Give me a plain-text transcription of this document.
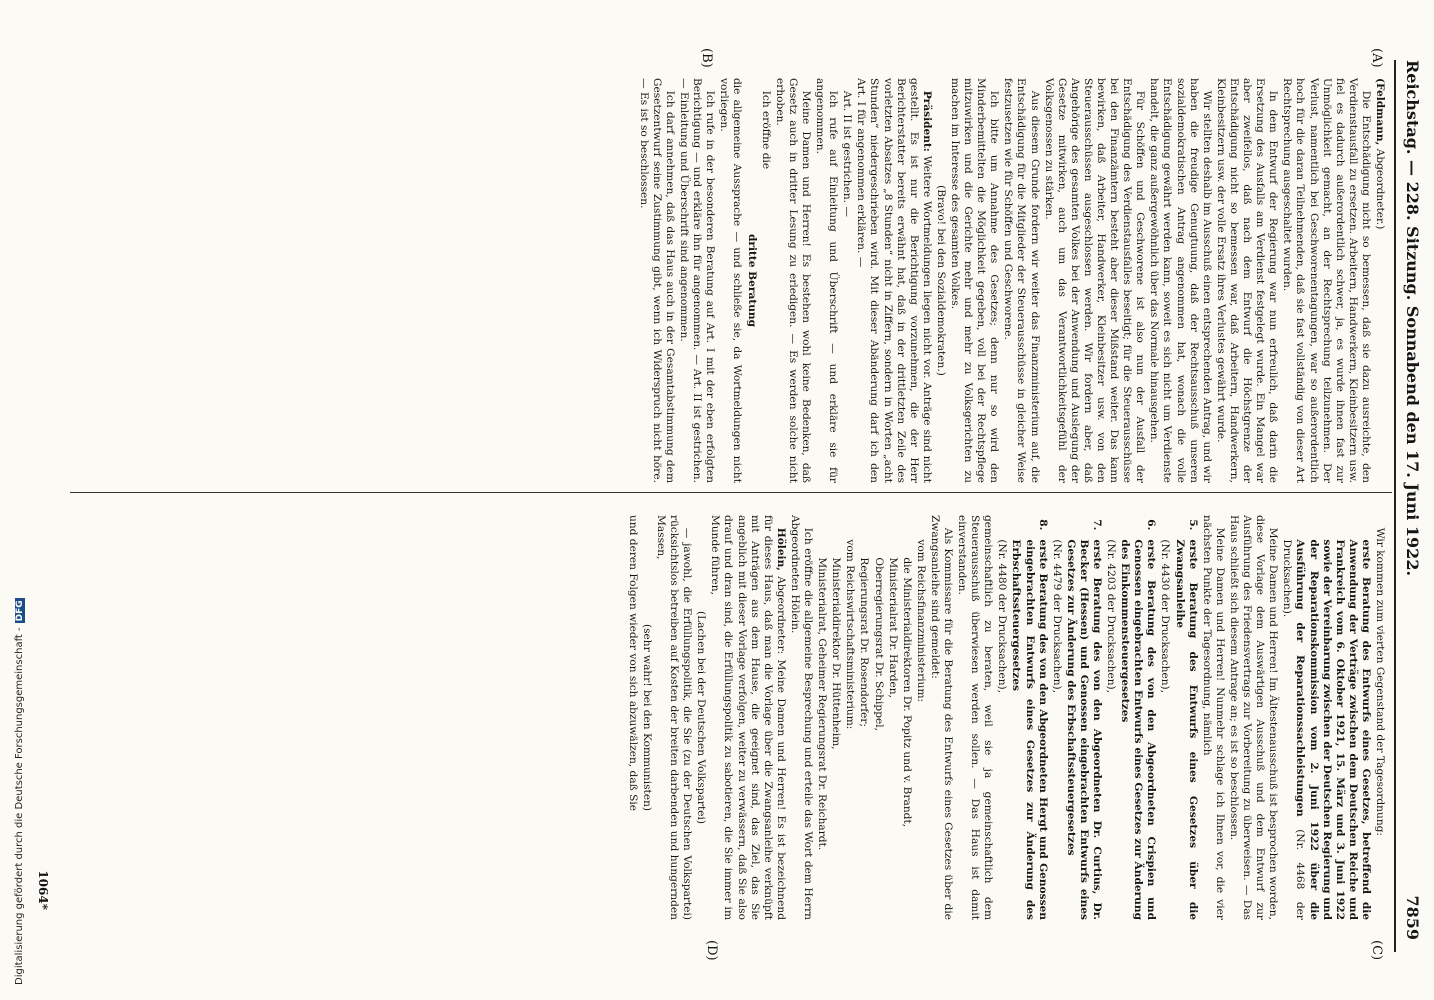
Reichstag. — 228. Sitzung. Sonnabend den 17. Juni 1922.
7859
(A)
(B)
(C)
(D)

(Feldmann, Abgeordneter.)

Die Entschädigung nicht so bemessen, daß sie dazu ausreichte, den Verdienstausfall zu ersetzen. Arbeitern, Handwerkern, Kleinbesitzern usw. fiel es dadurch außerordentlich schwer, ja, es wurde ihnen fast zur Unmöglichkeit gemacht, an der Rechtsprechung teilzunehmen. Der Verlust, namentlich bei Geschworenentagungen, war so außerordentlich hoch für die daran Teilnehmenden, daß sie fast vollständig von dieser Art Rechtsprechung ausgeschaltet wurden.

In dem Entwurf der Regierung war nun erfreulich, daß darin die Ersetzung des Ausfalls am Verdienst festgelegt wurde. Ein Mangel war aber zweifellos, daß nach dem Entwurf die Höchstgrenze der Entschädigung nicht so bemessen war, daß Arbeitern, Handwerkern, Kleinbesitzern usw. der volle Ersatz ihres Verlustes gewährt wurde.

Wir stellten deshalb im Ausschuß einen entsprechenden Antrag, und wir haben die freudige Genugtuung, daß der Rechtsausschuß unseren sozialdemokratischen Antrag angenommen hat, wonach die volle Entschädigung gewährt werden kann, soweit es sich nicht um Verdienste handelt, die ganz außergewöhnlich über das Normale hinausgehen.

Für Schöffen und Geschworene ist also nun der Ausfall der Entschädigung des Verdienstausfalles beseitigt; für die Steuerausschüsse bei den Finanzämtern besteht aber dieser Mißstand weiter. Das kann bewirken, daß Arbeiter, Handwerker, Kleinbesitzer usw. von den Steuerausschüssen ausgeschlossen werden. Wir fordern aber, daß Angehörige des gesamten Volkes bei der Anwendung und Auslegung der Gesetze mitwirken, auch um das Verantwortlichkeitsgefühl der Volksgenossen zu stärken.

Aus diesem Grunde fordern wir weiter das Finanzministerium auf, die Entschädigung für die Mitglieder der Steuerausschüsse in gleicher Weise festzusetzen wie für Schöffen und Geschworene.

Ich bitte um Annahme des Gesetzes; denn nur so wird den Minderbemittelten die Möglichkeit gegeben, voll bei der Rechtspflege mitzuwirken und die Gerichte mehr und mehr zu Volksgerichten zu machen im Interesse des gesamten Volkes.

(Bravo! bei den Sozialdemokraten.)

Präsident: Weitere Wortmeldungen liegen nicht vor. Anträge sind nicht gestellt. Es ist nur die Berichtigung vorzunehmen, die der Herr Berichterstatter bereits erwähnt hat, daß in der drittletzten Zeile des vorletzten Absatzes „8 Stunden“ nicht in Ziffern, sondern in Worten „acht Stunden“ niedergeschrieben wird. Mit dieser Abänderung darf ich den Art. I für angenommen erklären. —

Art. II ist gestrichen. —

Ich rufe auf Einleitung und Überschrift — und erkläre sie für angenommen.

Meine Damen und Herren! Es bestehen wohl keine Bedenken, daß Gesetz auch in dritter Lesung zu erledigen. — Es werden solche nicht erhoben.

Ich eröffne die

dritte Beratung

die allgemeine Aussprache — und schließe sie, da Wortmeldungen nicht vorliegen.

Ich rufe in der besonderen Beratung auf Art. I mit der eben erfolgten Berichtigung — und erkläre ihn für angenommen. — Art. II ist gestrichen. — Einleitung und Überschrift sind angenommen.

Ich darf annehmen, daß das Haus auch in der Gesamtabstimmung dem Gesetzentwurf seine Zustimmung gibt, wenn ich Widerspruch nicht höre. — Es ist so beschlossen.

Wir kommen zum vierten Gegenstand der Tagesordnung:

erste Beratung des Entwurfs eines Gesetzes, betreffend die Anwendung der Verträge zwischen dem Deutschen Reiche und Frankreich vom 6. Oktober 1921, 15. März und 3. Juni 1922 sowie der Vereinbarung zwischen der Deutschen Regierung und der Reparationskommission vom 2. Juni 1922 über die Ausführung der Reparationssachleistungen (Nr. 4468 der Drucksachen).

Meine Damen und Herren! Im Ältestenausschuß ist besprochen worden, diese Vorlage dem Auswärtigen Ausschuß und dem Entwurf zur Ausführung des Friedensvertrags zur Vorbereitung zu überweisen. — Das Haus schließt sich diesem Antrage an; es ist so beschlossen.

Meine Damen und Herren! Nunmehr schlage ich Ihnen vor, die vier nächsten Punkte der Tagesordnung, nämlich

5.
erste Beratung des Entwurfs eines Gesetzes über die Zwangsanleihe

(Nr. 4430 der Drucksachen),

6.
erste Beratung des von den Abgeordneten Crispien und Genossen eingebrachten Entwurfs eines Gesetzes zur Änderung des Einkommensteuergesetzes

(Nr. 4203 der Drucksachen),

7.
erste Beratung des von den Abgeordneten Dr. Curtius, Dr. Becker (Hessen) und Genossen eingebrachten Entwurfs eines Gesetzes zur Änderung des Erbschaftssteuergesetzes

(Nr. 4479 der Drucksachen),

8.
erste Beratung des von den Abgeordneten Hergt und Genossen eingebrachten Entwurfs eines Gesetzes zur Änderung des Erbschaftssteuergesetzes

(Nr. 4480 der Drucksachen),

gemeinschaftlich zu beraten, weil sie ja gemeinschaftlich dem Steuerausschuß überwiesen werden sollen. — Das Haus ist damit einverstanden.

Als Kommissare für die Beratung des Entwurfs eines Gesetzes über die Zwangsanleihe sind gemeldet:

vom Reichsfinanzministerium:

die Ministerialdirektoren Dr. Popitz und v. Brandt,

Ministerialrat Dr. Harden,

Oberregierungsrat Dr. Schippel,

Regierungsrat Dr. Rosendorfer;

vom Reichswirtschaftsministerium:

Ministerialdirektor Dr. Hüttenheim,

Ministerialrat, Geheimer Regierungsrat Dr. Reichardt.

Ich eröffne die allgemeine Besprechung und erteile das Wort dem Herrn Abgeordneten Hölein.

Hölein, Abgeordneter: Meine Damen und Herren! Es ist bezeichnend für dieses Haus, daß man die Vorlage über die Zwangsanleihe verknüpft mit Anträgen aus dem Hause, die geeignet sind, das Ziel, das Sie angeblich mit dieser Vorlage verfolgen, weiter zu verwässern, daß Sie also drauf und dran sind, die Erfüllungspolitik zu sabotieren, die Sie immer im Munde führen,

(Lachen bei der Deutschen Volkspartei)

— jawohl, die Erfüllungspolitik, die Sie (zu der Deutschen Volkspartei) rücksichtslos betreiben auf Kosten der breiten darbenden und hungernden Massen,

(sehr wahr! bei den Kommunisten)

und deren Folgen wieder von sich abzuwälzen, daß Sie

1064*
Digitalisierung gefördert durch die Deutsche Forschungsgemeinschaft -DFG
